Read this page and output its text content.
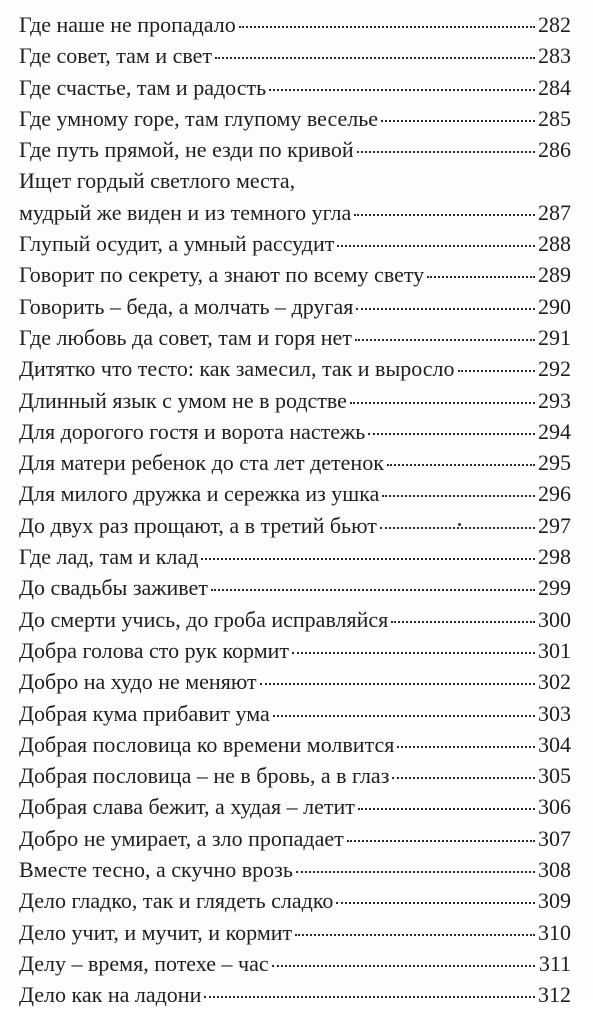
Где наше не пропадало	282
Где совет, там и свет	283
Где счастье, там и радость	284
Где умному горе, там глупому веселье	285
Где путь прямой, не езди по кривой	286
Ищет гордый светлого места,
мудрый же виден и из темного угла	287
Глупый осудит, а умный рассудит	288
Говорит по секрету, а знают по всему свету	289
Говорить – беда, а молчать – другая	290
Где любовь да совет, там и горя нет	291
Дитятко что тесто: как замесил, так и выросло	292
Длинный язык с умом не в родстве	293
Для дорогого гостя и ворота настежь	294
Для матери ребенок до ста лет детенок	295
Для милого дружка и сережка из ушка	296
До двух раз прощают, а в третий бьют	297
Где лад, там и клад	298
До свадьбы заживет	299
До смерти учись, до гроба исправляйся	300
Добра голова сто рук кормит	301
Добро на худо не меняют	302
Добрая кума прибавит ума	303
Добрая пословица ко времени молвится	304
Добрая пословица – не в бровь, а в глаз	305
Добрая слава бежит, а худая – летит	306
Добро не умирает, а зло пропадает	307
Вместе тесно, а скучно врозь	308
Дело гладко, так и глядеть сладко	309
Дело учит, и мучит, и кормит	310
Делу – время, потехе – час	311
Дело как на ладони	312
